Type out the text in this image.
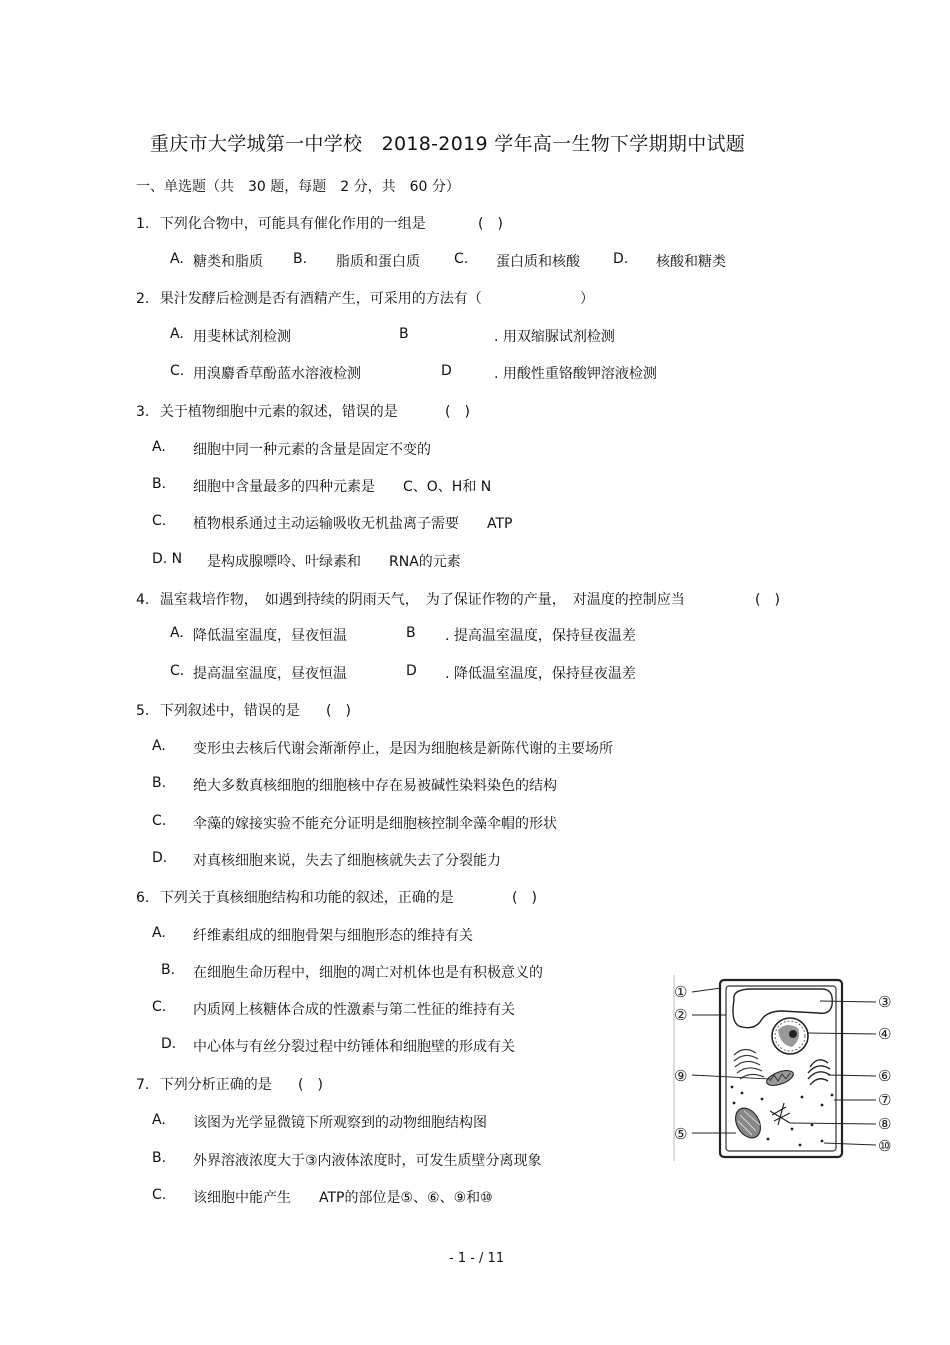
重庆市大学城第一中学校　2018-2019 学年高一生物下学期期中试题
一、单选题（共　30 题，每题　2 分，共　60 分）
1. 下列化合物中，可能具有催化作用的一组是	(　)
A. 糖类和脂质 B. 脂质和蛋白质 C. 蛋白质和核酸 D. 核酸和糖类
2. 果汁发酵后检测是否有酒精产生，可采用的方法有（	）
A. 用斐林试剂检测	B	. 用双缩脲试剂检测
C. 用溴麝香草酚蓝水溶液检测	D	. 用酸性重铬酸钾溶液检测
3. 关于植物细胞中元素的叙述，错误的是	(　)
A. 细胞中同一种元素的含量是固定不变的
B. 细胞中含量最多的四种元素是　　C、O、H和 N
C. 植物根系通过主动运输吸收无机盐离子需要　　ATP
D. N 是构成腺嘌呤、叶绿素和　　RNA的元素
4. 温室栽培作物，　如遇到持续的阴雨天气，　为了保证作物的产量，　对温度的控制应当	(　)
A. 降低温室温度，昼夜恒温	B . 提高温室温度，保持昼夜温差
C. 提高温室温度，昼夜恒温	D . 降低温室温度，保持昼夜温差
5. 下列叙述中，错误的是 (　)
A. 变形虫去核后代谢会渐渐停止，是因为细胞核是新陈代谢的主要场所
B. 绝大多数真核细胞的细胞核中存在易被碱性染料染色的结构
C. 伞藻的嫁接实验不能充分证明是细胞核控制伞藻伞帽的形状
D. 对真核细胞来说，失去了细胞核就失去了分裂能力
6. 下列关于真核细胞结构和功能的叙述，正确的是	(　)
A. 纤维素组成的细胞骨架与细胞形态的维持有关
B. 在细胞生命历程中，细胞的凋亡对机体也是有积极意义的
C. 内质网上核糖体合成的性激素与第二性征的维持有关
D. 中心体与有丝分裂过程中纺锤体和细胞壁的形成有关
7. 下列分析正确的是 (　)
A. 该图为光学显微镜下所观察到的动物细胞结构图
B. 外界溶液浓度大于③内液体浓度时，可发生质壁分离现象
C. 该细胞中能产生　　ATP的部位是⑤、⑥、⑨和⑩
①
②
③
④
⑤
⑥
⑦
⑧
⑨
⑩
- 1 - / 11
